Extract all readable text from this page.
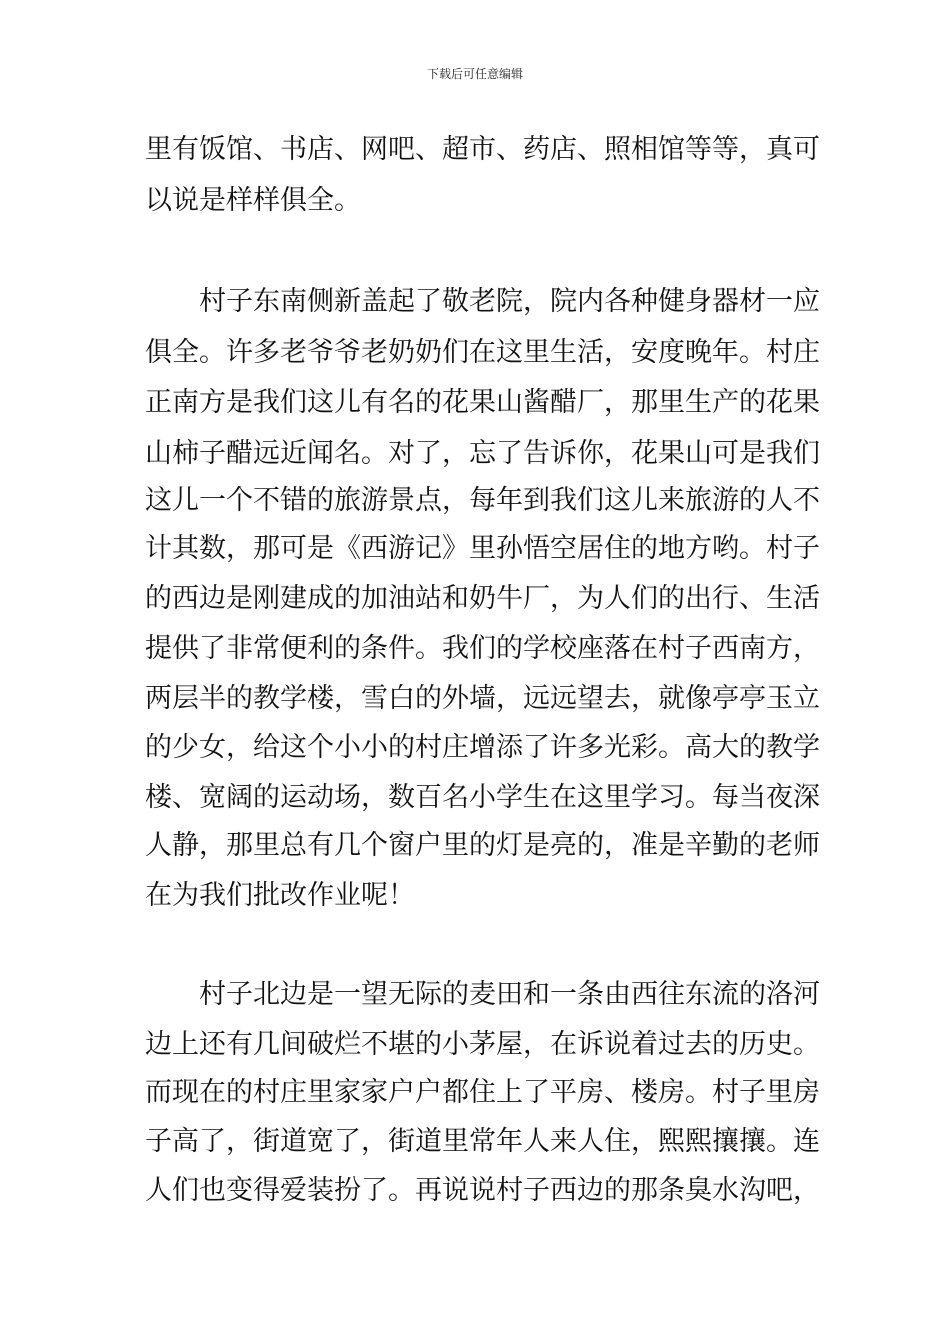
下载后可任意编辑
里有饭馆、书店、网吧、超市、药店、照相馆等等，真可
以说是样样俱全。
村子东南侧新盖起了敬老院，院内各种健身器材一应
俱全。许多老爷爷老奶奶们在这里生活，安度晚年。村庄
正南方是我们这儿有名的花果山酱醋厂，那里生产的花果
山柿子醋远近闻名。对了，忘了告诉你，花果山可是我们
这儿一个不错的旅游景点，每年到我们这儿来旅游的人不
计其数，那可是《西游记》里孙悟空居住的地方哟。村子
的西边是刚建成的加油站和奶牛厂，为人们的出行、生活
提供了非常便利的条件。我们的学校座落在村子西南方，
两层半的教学楼，雪白的外墙，远远望去，就像亭亭玉立
的少女，给这个小小的村庄增添了许多光彩。高大的教学
楼、宽阔的运动场，数百名小学生在这里学习。每当夜深
人静，那里总有几个窗户里的灯是亮的，准是辛勤的老师
在为我们批改作业呢！
村子北边是一望无际的麦田和一条由西往东流的洛河
边上还有几间破烂不堪的小茅屋，在诉说着过去的历史。
而现在的村庄里家家户户都住上了平房、楼房。村子里房
子高了，街道宽了，街道里常年人来人住，熙熙攘攘。连
人们也变得爱装扮了。再说说村子西边的那条臭水沟吧，
